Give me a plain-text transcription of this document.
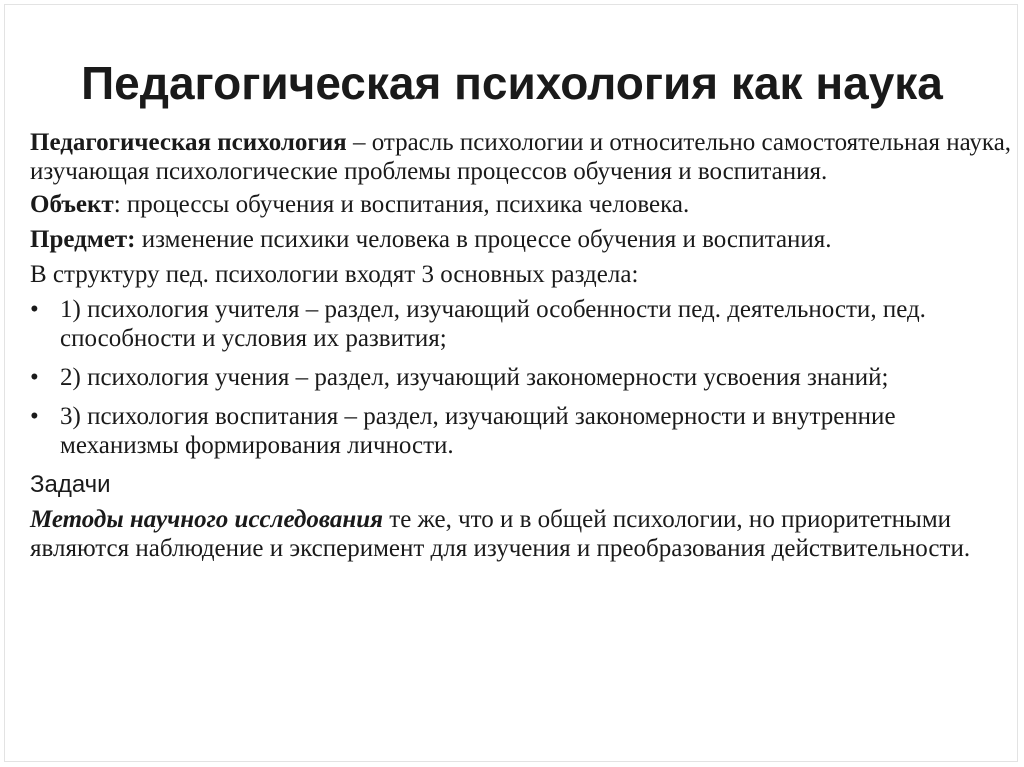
Педагогическая психология как наука

Педагогическая психология – отрасль психологии и относительно самостоятельная наука, изучающая психологические проблемы процессов обучения и воспитания.

Объект: процессы обучения и воспитания, психика человека.

Предмет: изменение психики человека в процессе обучения и воспитания.

В структуру пед. психологии входят 3 основных раздела:

• 1) психология учителя – раздел, изучающий особенности пед. деятельности, пед. способности и условия их развития;
• 2) психология учения – раздел, изучающий закономерности усвоения знаний;
• 3) психология воспитания – раздел, изучающий закономерности и внутренние механизмы формирования личности.

Задачи

Методы научного исследования те же, что и в общей психологии, но приоритетными являются наблюдение и эксперимент для изучения и преобразования действительности.
